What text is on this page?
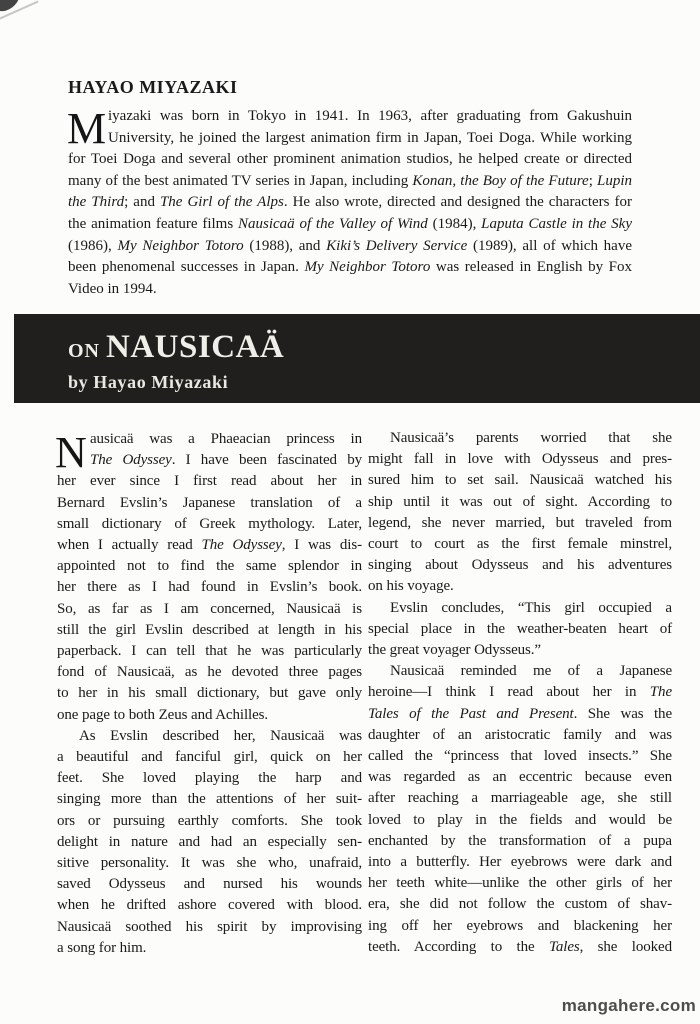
HAYAO MIYAZAKI
M iyazaki was born in Tokyo in 1941. In 1963, after graduating from Gakushuin
University, he joined the largest animation firm in Japan, Toei Doga. While working
for Toei Doga and several other prominent animation studios, he helped create or directed
many of the best animated TV series in Japan, including Konan, the Boy of the Future; Lupin
the Third; and The Girl of the Alps. He also wrote, directed and designed the characters for
the animation feature films Nausicaä of the Valley of Wind (1984), Laputa Castle in the Sky
(1986), My Neighbor Totoro (1988), and Kiki’s Delivery Service (1989), all of which have
been phenomenal successes in Japan. My Neighbor Totoro was released in English by Fox
Video in 1994.
ON NAUSICAÄ
by Hayao Miyazaki
N ausicaä was a Phaeacian princess in
The Odyssey. I have been fascinated by
her ever since I first read about her in
Bernard Evslin’s Japanese translation of a
small dictionary of Greek mythology. Later,
when I actually read The Odyssey, I was dis-
appointed not to find the same splendor in
her there as I had found in Evslin’s book.
So, as far as I am concerned, Nausicaä is
still the girl Evslin described at length in his
paperback. I can tell that he was particularly
fond of Nausicaä, as he devoted three pages
to her in his small dictionary, but gave only
one page to both Zeus and Achilles.
As Evslin described her, Nausicaä was
a beautiful and fanciful girl, quick on her
feet. She loved playing the harp and
singing more than the attentions of her suit-
ors or pursuing earthly comforts. She took
delight in nature and had an especially sen-
sitive personality. It was she who, unafraid,
saved Odysseus and nursed his wounds
when he drifted ashore covered with blood.
Nausicaä soothed his spirit by improvising
a song for him.
Nausicaä’s parents worried that she
might fall in love with Odysseus and pres-
sured him to set sail. Nausicaä watched his
ship until it was out of sight. According to
legend, she never married, but traveled from
court to court as the first female minstrel,
singing about Odysseus and his adventures
on his voyage.
Evslin concludes, “This girl occupied a
special place in the weather-beaten heart of
the great voyager Odysseus.”
Nausicaä reminded me of a Japanese
heroine—I think I read about her in The
Tales of the Past and Present. She was the
daughter of an aristocratic family and was
called the “princess that loved insects.” She
was regarded as an eccentric because even
after reaching a marriageable age, she still
loved to play in the fields and would be
enchanted by the transformation of a pupa
into a butterfly. Her eyebrows were dark and
her teeth white—unlike the other girls of her
era, she did not follow the custom of shav-
ing off her eyebrows and blackening her
teeth. According to the Tales, she looked
mangahere.com
